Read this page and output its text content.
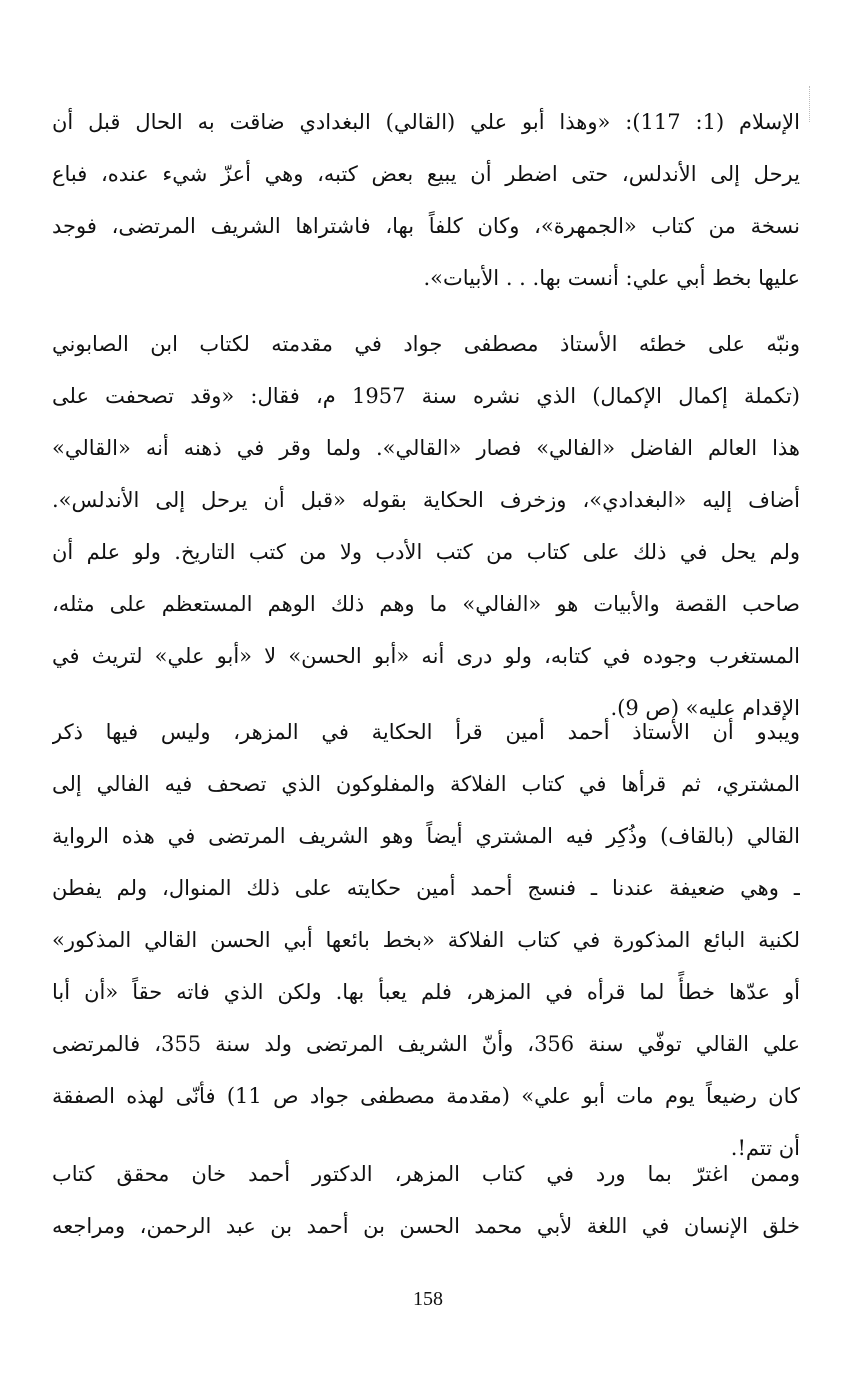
الإسلام (1: 117): «وهذا أبو علي (القالي) البغدادي ضاقت به الحال قبل أن
يرحل إلى الأندلس، حتى اضطر أن يبيع بعض كتبه، وهي أعزّ شيء عنده، فباع
نسخة من كتاب «الجمهرة»، وكان كلفاً بها، فاشتراها الشريف المرتضى، فوجد
عليها بخط أبي علي: أنست بها. . . الأبيات».

ونبّه على خطئه الأستاذ مصطفى جواد في مقدمته لكتاب ابن الصابوني
(تكملة إكمال الإكمال) الذي نشره سنة 1957 م، فقال: «وقد تصحفت على
هذا العالم الفاضل «الفالي» فصار «القالي». ولما وقر في ذهنه أنه «القالي»
أضاف إليه «البغدادي»، وزخرف الحكاية بقوله «قبل أن يرحل إلى الأندلس».
ولم يحل في ذلك على كتاب من كتب الأدب ولا من كتب التاريخ. ولو علم أن
صاحب القصة والأبيات هو «الفالي» ما وهم ذلك الوهم المستعظم على مثله،
المستغرب وجوده في كتابه، ولو درى أنه «أبو الحسن» لا «أبو علي» لتريث في
الإقدام عليه» (ص 9).

ويبدو أن الأستاذ أحمد أمين قرأ الحكاية في المزهر، وليس فيها ذكر
المشتري، ثم قرأها في كتاب الفلاكة والمفلوكون الذي تصحف فيه الفالي إلى
القالي (بالقاف) وذُكِر فيه المشتري أيضاً وهو الشريف المرتضى في هذه الرواية
ـ وهي ضعيفة عندنا ـ فنسج أحمد أمين حكايته على ذلك المنوال، ولم يفطن
لكنية البائع المذكورة في كتاب الفلاكة «بخط بائعها أبي الحسن القالي المذكور»
أو عدّها خطأً لما قرأه في المزهر، فلم يعبأ بها. ولكن الذي فاته حقاً «أن أبا
علي القالي توفّي سنة 356، وأنّ الشريف المرتضى ولد سنة 355، فالمرتضى
كان رضيعاً يوم مات أبو علي» (مقدمة مصطفى جواد ص 11) فأنّى لهذه الصفقة
أن تتم!.

وممن اغترّ بما ورد في كتاب المزهر، الدكتور أحمد خان محقق كتاب
خلق الإنسان في اللغة لأبي محمد الحسن بن أحمد بن عبد الرحمن، ومراجعه

158
